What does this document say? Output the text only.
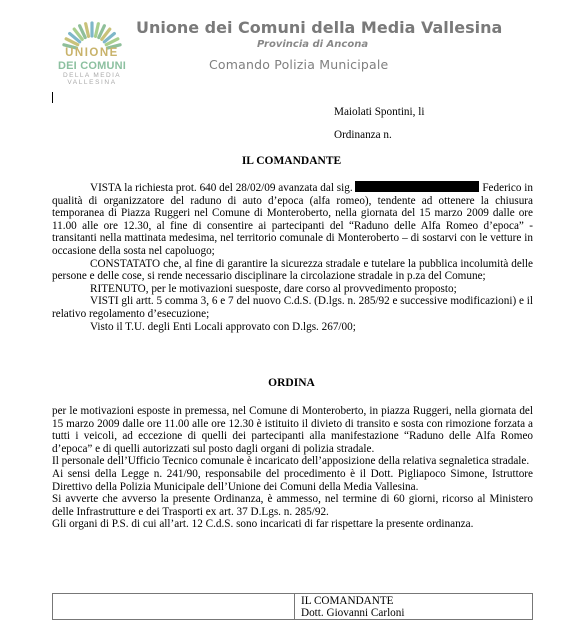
UNIONE
DEI COMUNI
DELLA MEDIA
VALLESINA
Unione dei Comuni della Media Vallesina
Provincia di Ancona
Comando Polizia Municipale
Maiolati Spontini, li
Ordinanza n.
IL COMANDANTE
VISTA la richiesta prot. 640 del 28/02/09 avanzata dal sig.	Federico in qualità di organizzatore del raduno di auto d’epoca (alfa romeo), tendente ad ottenere la chiusura temporanea di Piazza Ruggeri nel Comune di Monteroberto, nella giornata del 15 marzo 2009 dalle ore 11.00 alle ore 12.30, al fine di consentire ai partecipanti del “Raduno delle Alfa Romeo d’epoca” - transitanti nella mattinata medesima, nel territorio comunale di Monteroberto – di sostarvi con le vetture in occasione della sosta nel capoluogo;
CONSTATATO che, al fine di garantire la sicurezza stradale e tutelare la pubblica incolumità delle persone e delle cose, si rende necessario disciplinare la circolazione stradale in p.za del Comune;
RITENUTO, per le motivazioni suesposte, dare corso al provvedimento proposto;
VISTI gli artt. 5 comma 3, 6 e 7 del nuovo C.d.S. (D.lgs. n. 285/92 e successive modificazioni) e il relativo regolamento d’esecuzione;
Visto il T.U. degli Enti Locali approvato con D.lgs. 267/00;
ORDINA
per le motivazioni esposte in premessa, nel Comune di Monteroberto, in piazza Ruggeri, nella giornata del 15 marzo 2009 dalle ore 11.00 alle ore 12.30 è istituito il divieto di transito e sosta con rimozione forzata a tutti i veicoli, ad eccezione di quelli dei partecipanti alla manifestazione “Raduno delle Alfa Romeo d’epoca” e di quelli autorizzati sul posto dagli organi di polizia stradale.
Il personale dell’Ufficio Tecnico comunale è incaricato dell’apposizione della relativa segnaletica stradale.
Ai sensi della Legge n. 241/90, responsabile del procedimento è il Dott. Pigliapoco Simone, Istruttore Direttivo della Polizia Municipale dell’Unione dei Comuni della Media Vallesina.
Si avverte che avverso la presente Ordinanza, è ammesso, nel termine di 60 giorni, ricorso al Ministero delle Infrastrutture e dei Trasporti ex art. 37 D.Lgs. n. 285/92.
Gli organi di P.S. di cui all’art. 12 C.d.S. sono incaricati di far rispettare la presente ordinanza.
IL COMANDANTE
Dott. Giovanni Carloni
